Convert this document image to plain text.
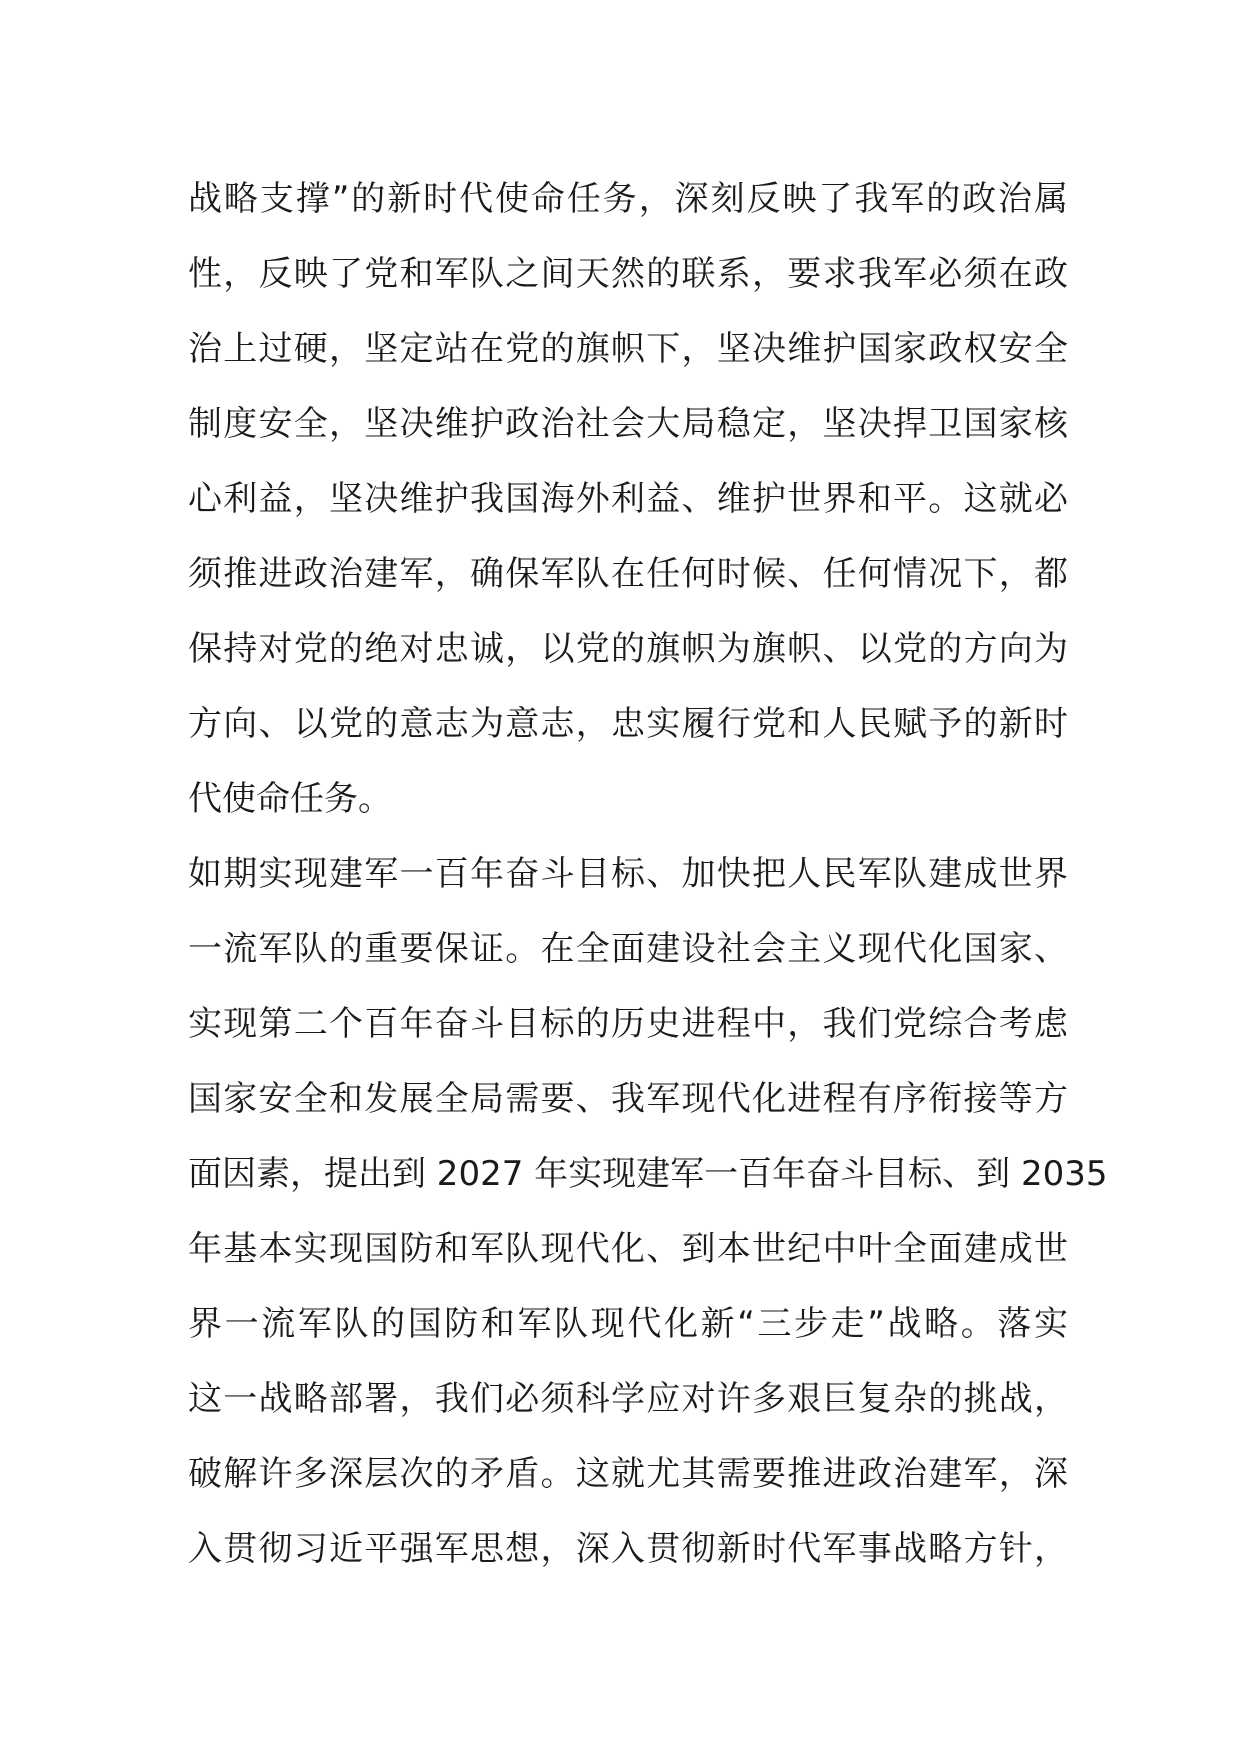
战略支撑”的新时代使命任务，深刻反映了我军的政治属
性，反映了党和军队之间天然的联系，要求我军必须在政
治上过硬，坚定站在党的旗帜下，坚决维护国家政权安全
制度安全，坚决维护政治社会大局稳定，坚决捍卫国家核
心利益，坚决维护我国海外利益、维护世界和平。这就必
须推进政治建军，确保军队在任何时候、任何情况下，都
保持对党的绝对忠诚，以党的旗帜为旗帜、以党的方向为
方向、以党的意志为意志，忠实履行党和人民赋予的新时
代使命任务。
如期实现建军一百年奋斗目标、加快把人民军队建成世界
一流军队的重要保证。在全面建设社会主义现代化国家、
实现第二个百年奋斗目标的历史进程中，我们党综合考虑
国家安全和发展全局需要、我军现代化进程有序衔接等方
面因素，提出到 2027 年实现建军一百年奋斗目标、到 2035
年基本实现国防和军队现代化、到本世纪中叶全面建成世
界一流军队的国防和军队现代化新“三步走”战略。落实
这一战略部署，我们必须科学应对许多艰巨复杂的挑战，
破解许多深层次的矛盾。这就尤其需要推进政治建军，深
入贯彻习近平强军思想，深入贯彻新时代军事战略方针，
